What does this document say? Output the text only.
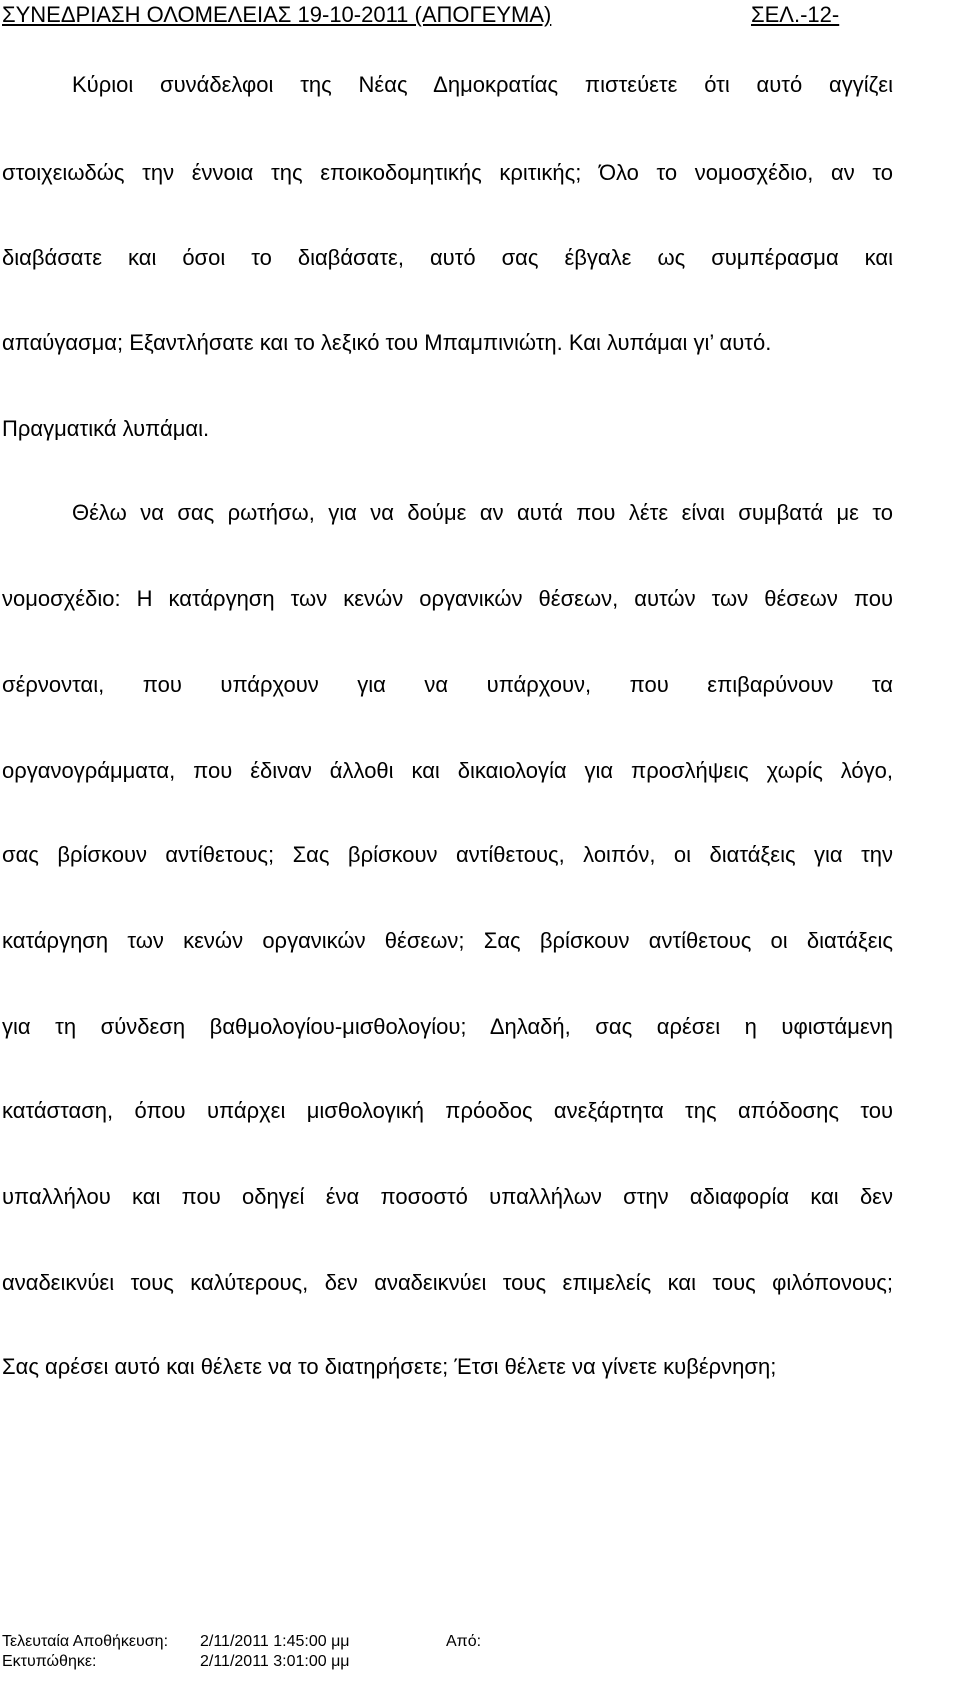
ΣΥΝΕΔΡΙΑΣΗ ΟΛΟΜΕΛΕΙΑΣ 19-10-2011 (ΑΠΟΓΕΥΜΑ)	ΣΕΛ.-12-
Κύριοι συνάδελφοι της Νέας Δημοκρατίας πιστεύετε ότι αυτό αγγίζει
στοιχειωδώς την έννοια της εποικοδομητικής κριτικής; Όλο το νομοσχέδιο, αν το
διαβάσατε και όσοι το διαβάσατε, αυτό σας έβγαλε ως συμπέρασμα και
απαύγασμα; Εξαντλήσατε και το λεξικό του Μπαμπινιώτη. Και λυπάμαι γι’ αυτό.
Πραγματικά λυπάμαι.
Θέλω να σας ρωτήσω, για να δούμε αν αυτά που λέτε είναι συμβατά με το
νομοσχέδιο: Η κατάργηση των κενών οργανικών θέσεων, αυτών των θέσεων που
σέρνονται, που υπάρχουν για να υπάρχουν, που επιβαρύνουν τα
οργανογράμματα, που έδιναν άλλοθι και δικαιολογία για προσλήψεις χωρίς λόγο,
σας βρίσκουν αντίθετους; Σας βρίσκουν αντίθετους, λοιπόν, οι διατάξεις για την
κατάργηση των κενών οργανικών θέσεων; Σας βρίσκουν αντίθετους οι διατάξεις
για τη σύνδεση βαθμολογίου-μισθολογίου; Δηλαδή, σας αρέσει η υφιστάμενη
κατάσταση, όπου υπάρχει μισθολογική πρόοδος ανεξάρτητα της απόδοσης του
υπαλλήλου και που οδηγεί ένα ποσοστό υπαλλήλων στην αδιαφορία και δεν
αναδεικνύει τους καλύτερους, δεν αναδεικνύει τους επιμελείς και τους φιλόπονους;
Σας αρέσει αυτό και θέλετε να το διατηρήσετε; Έτσι θέλετε να γίνετε κυβέρνηση;
Τελευταία Αποθήκευση: 2/11/2011 1:45:00 μμ	Από:
Εκτυπώθηκε:	2/11/2011 3:01:00 μμ
